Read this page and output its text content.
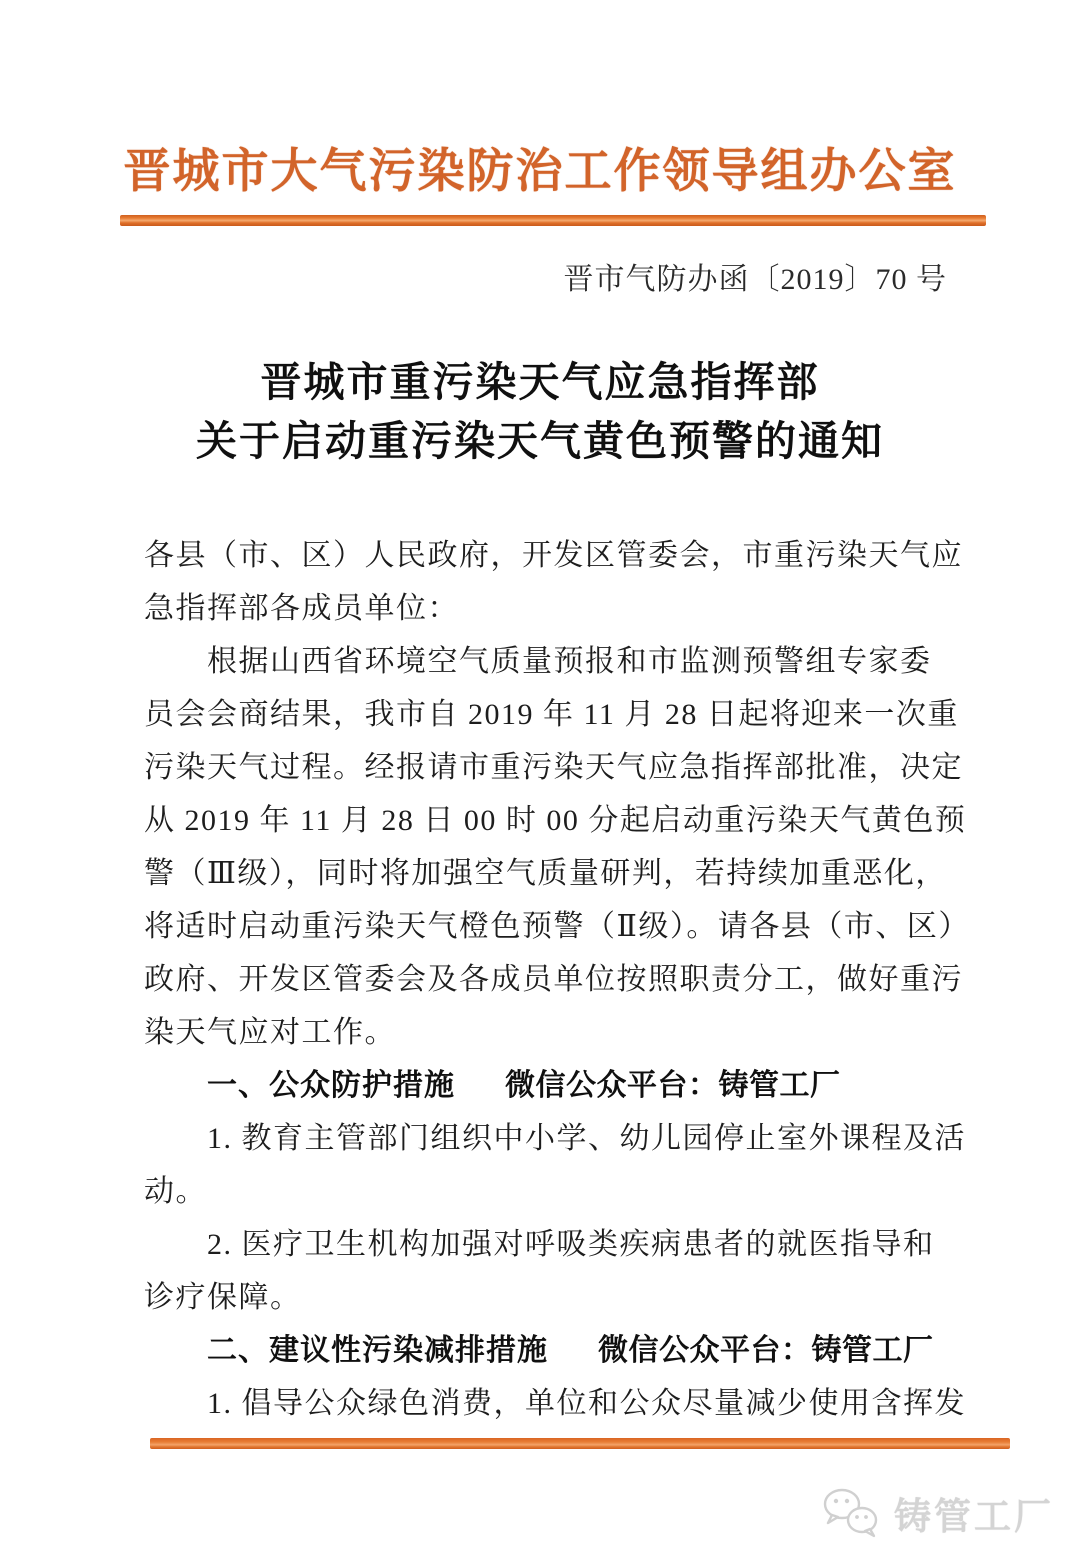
晋城市大气污染防治工作领导组办公室
晋市气防办函〔2019〕70 号
晋城市重污染天气应急指挥部
关于启动重污染天气黄色预警的通知
各县（市、区）人民政府，开发区管委会，市重污染天气应
急指挥部各成员单位：
根据山西省环境空气质量预报和市监测预警组专家委
员会会商结果，我市自 2019 年 11 月 28 日起将迎来一次重
污染天气过程。经报请市重污染天气应急指挥部批准，决定
从 2019 年 11 月 28 日 00 时 00 分起启动重污染天气黄色预
警（Ⅲ级），同时将加强空气质量研判，若持续加重恶化，
将适时启动重污染天气橙色预警（Ⅱ级）。请各县（市、区）
政府、开发区管委会及各成员单位按照职责分工，做好重污
染天气应对工作。
一、公众防护措施 微信公众平台：铸管工厂
1. 教育主管部门组织中小学、幼儿园停止室外课程及活
动。
2. 医疗卫生机构加强对呼吸类疾病患者的就医指导和
诊疗保障。
二、建议性污染减排措施 微信公众平台：铸管工厂
1. 倡导公众绿色消费，单位和公众尽量减少使用含挥发
铸管工厂
